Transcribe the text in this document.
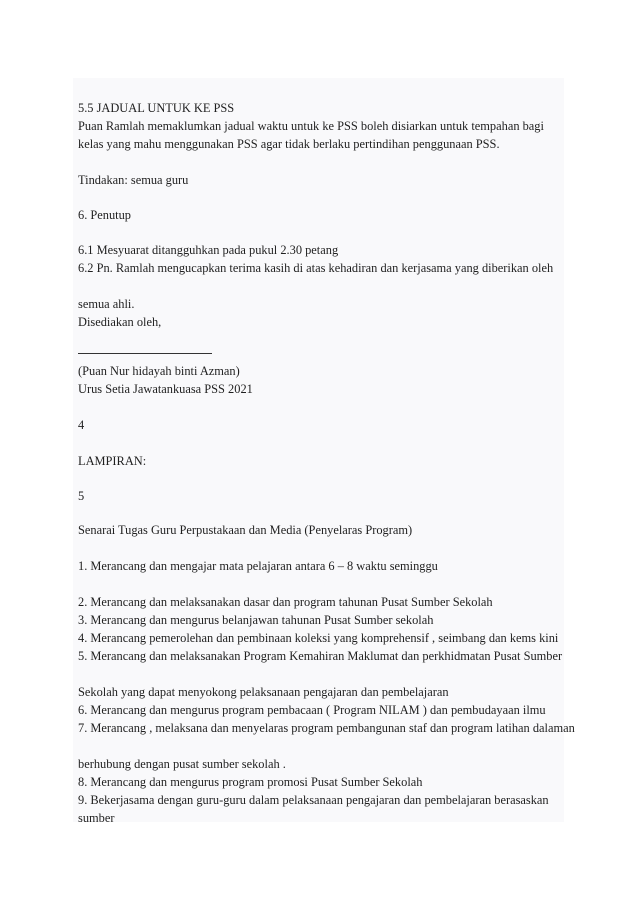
5.5 JADUAL UNTUK KE PSS

Puan Ramlah memaklumkan jadual waktu untuk ke PSS boleh disiarkan untuk tempahan bagi

kelas yang mahu menggunakan PSS agar tidak berlaku pertindihan penggunaan PSS.

Tindakan: semua guru

6. Penutup

6.1 Mesyuarat ditangguhkan pada pukul 2.30 petang

6.2 Pn. Ramlah mengucapkan terima kasih di atas kehadiran dan kerjasama yang diberikan oleh

semua ahli.

Disediakan oleh,

(Puan Nur hidayah binti Azman)

Urus Setia Jawatankuasa PSS 2021

4

LAMPIRAN:

5

Senarai Tugas Guru Perpustakaan dan Media (Penyelaras Program)

1. Merancang dan mengajar mata pelajaran antara 6 – 8 waktu seminggu

2. Merancang dan melaksanakan dasar dan program tahunan Pusat Sumber Sekolah

3. Merancang dan mengurus belanjawan tahunan Pusat Sumber sekolah

4. Merancang pemerolehan dan pembinaan koleksi yang komprehensif , seimbang dan kems kini

5. Merancang dan melaksanakan Program Kemahiran Maklumat dan perkhidmatan Pusat Sumber

Sekolah yang dapat menyokong pelaksanaan pengajaran dan pembelajaran

6. Merancang dan mengurus program pembacaan ( Program NILAM ) dan pembudayaan ilmu

7. Merancang , melaksana dan menyelaras program pembangunan staf dan program latihan dalaman

berhubung dengan pusat sumber sekolah .

8. Merancang dan mengurus program promosi Pusat Sumber Sekolah

9. Bekerjasama dengan guru-guru dalam pelaksanaan pengajaran dan pembelajaran berasaskan

sumber
